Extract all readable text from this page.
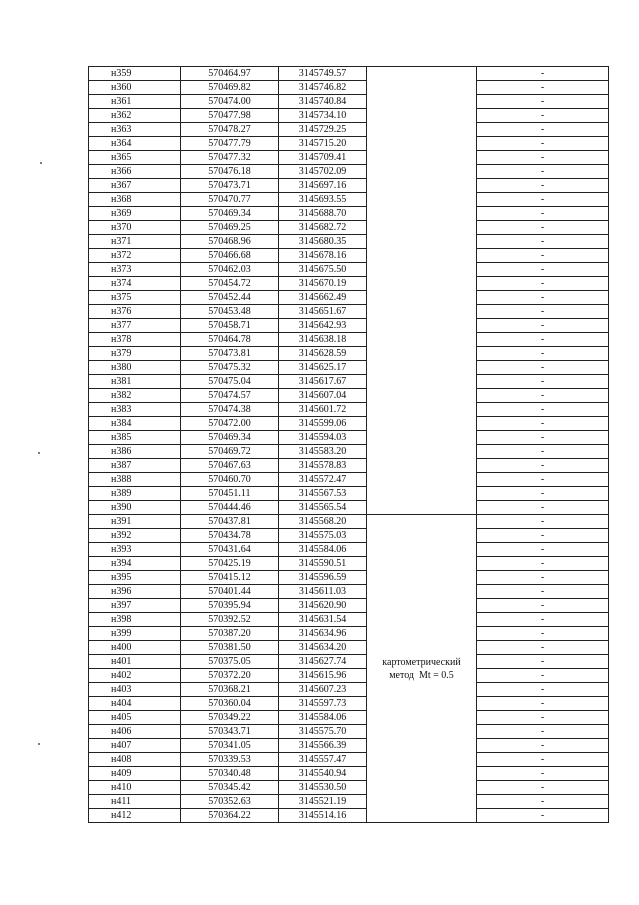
н359	570464.97	3145749.57		-
н360	570469.82	3145746.82		-
н361	570474.00	3145740.84		-
н362	570477.98	3145734.10		-
н363	570478.27	3145729.25		-
н364	570477.79	3145715.20		-
н365	570477.32	3145709.41		-
н366	570476.18	3145702.09		-
н367	570473.71	3145697.16		-
н368	570470.77	3145693.55		-
н369	570469.34	3145688.70		-
н370	570469.25	3145682.72		-
н371	570468.96	3145680.35		-
н372	570466.68	3145678.16		-
н373	570462.03	3145675.50		-
н374	570454.72	3145670.19		-
н375	570452.44	3145662.49		-
н376	570453.48	3145651.67		-
н377	570458.71	3145642.93		-
н378	570464.78	3145638.18		-
н379	570473.81	3145628.59		-
н380	570475.32	3145625.17		-
н381	570475.04	3145617.67		-
н382	570474.57	3145607.04		-
н383	570474.38	3145601.72		-
н384	570472.00	3145599.06		-
н385	570469.34	3145594.03		-
н386	570469.72	3145583.20		-
н387	570467.63	3145578.83		-
н388	570460.70	3145572.47		-
н389	570451.11	3145567.53		-
н390	570444.46	3145565.54		-
н391	570437.81	3145568.20	картометрический
метод  Mt = 0.5	-
н392	570434.78	3145575.03		-
н393	570431.64	3145584.06		-
н394	570425.19	3145590.51		-
н395	570415.12	3145596.59		-
н396	570401.44	3145611.03		-
н397	570395.94	3145620.90		-
н398	570392.52	3145631.54		-
н399	570387.20	3145634.96		-
н400	570381.50	3145634.20		-
н401	570375.05	3145627.74		-
н402	570372.20	3145615.96		-
н403	570368.21	3145607.23		-
н404	570360.04	3145597.73		-
н405	570349.22	3145584.06		-
н406	570343.71	3145575.70		-
н407	570341.05	3145566.39		-
н408	570339.53	3145557.47		-
н409	570340.48	3145540.94		-
н410	570345.42	3145530.50		-
н411	570352.63	3145521.19		-
н412	570364.22	3145514.16		-
